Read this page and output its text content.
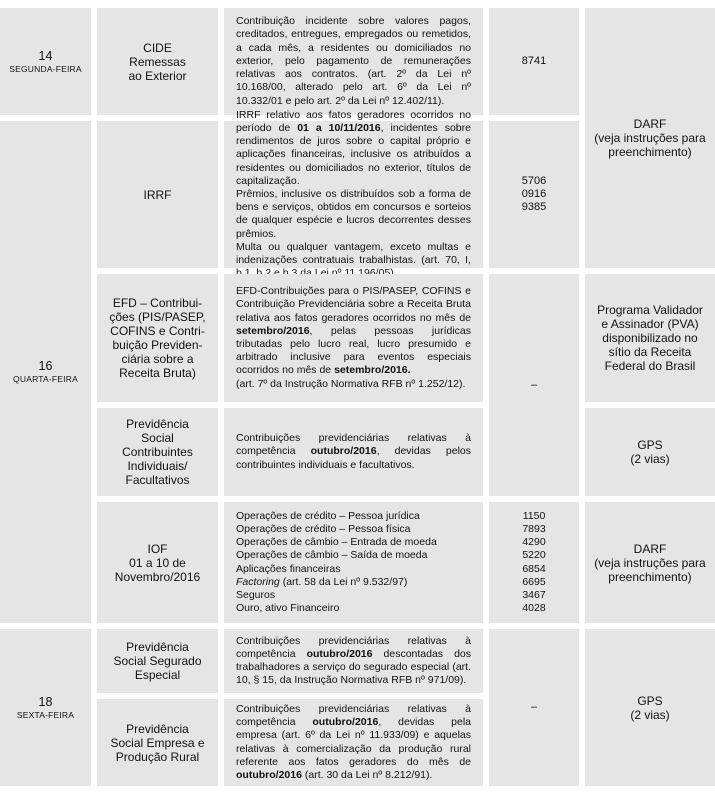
14
SEGUNDA-FEIRA
CIDE
Remessas
ao Exterior

Contribuição incidente sobre valores pagos, creditados, entregues, empregados ou remetidos, a cada mês, a residentes ou domiciliados no exterior, pelo pagamento de remunerações relativas aos contratos. (art. 2º da Lei nº 10.168/00, alterado pelo art. 6º da Lei nº 10.332/01 e pelo art. 2º da Lei nº 12.402/11).

8741
DARF
(veja instruções para
preenchimento)
16
QUARTA-FEIRA
IRRF

IRRF relativo aos fatos geradores ocorridos no período de 01 a 10/11/2016, incidentes sobre rendimentos de juros sobre o capital próprio e aplicações financeiras, inclusive os atribuídos a residentes ou domiciliados no exterior, títulos de capitalização.

Prêmios, inclusive os distribuídos sob a forma de bens e serviços, obtidos em concursos e sorteios de qualquer espécie e lucros decorrentes desses prêmios.

Multa ou qualquer vantagem, exceto multas e indenizações contratuais trabalhistas. (art. 70, I,

5706
0916
9385
EFD – Contribui-
ções (PIS/PASEP,
COFINS e Contri-
buição Previden-
ciária sobre a
Receita Bruta)

EFD-Contribuições para o PIS/PASEP, COFINS e Contribuição Previdenciária sobre a Receita Bruta relativa aos fatos geradores ocorridos no mês de setembro/2016, pelas pessoas jurídicas tributadas pelo lucro real, lucro presumido e arbitrado inclusive para eventos especiais ocorridos no mês de setembro/2016.

(art. 7º da Instrução Normativa RFB nº 1.252/12).	–
Programa Validador
e Assinador (PVA)
disponibilizado no
sítio da Receita
Federal do Brasil
Previdência
Social
Contribuintes
Individuais/
Facultativos

Contribuições previdenciárias relativas à competência outubro/2016, devidas pelos contribuintes individuais e facultativos.

GPS
(2 vias)
IOF
01 a 10 de
Novembro/2016
Operações de crédito – Pessoa jurídica
Operações de crédito – Pessoa física
Operações de câmbio – Entrada de moeda
Operações de câmbio – Saída de moeda
Aplicações financeiras
Factoring (art. 58 da Lei nº 9.532/97)
Seguros
Ouro, ativo Financeiro
1150
7893
4290
5220
6854
6695
3467
4028
DARF
(veja instruções para
preenchimento)
18
SEXTA-FEIRA
Previdência
Social Segurado
Especial

Contribuições previdenciárias relativas à competência outubro/2016 descontadas dos trabalhadores a serviço do segurado especial (art. 10, § 15, da Instrução Normativa RFB nº 971/09).

–	GPS
(2 vias)
Previdência
Social Empresa e
Produção Rural

Contribuições previdenciárias relativas à competência outubro/2016, devidas pela empresa (art. 6º da Lei nº 11.933/09) e aquelas relativas à comercialização da produção rural referente aos fatos geradores do mês de outubro/2016 (art. 30 da Lei nº 8.212/91).
